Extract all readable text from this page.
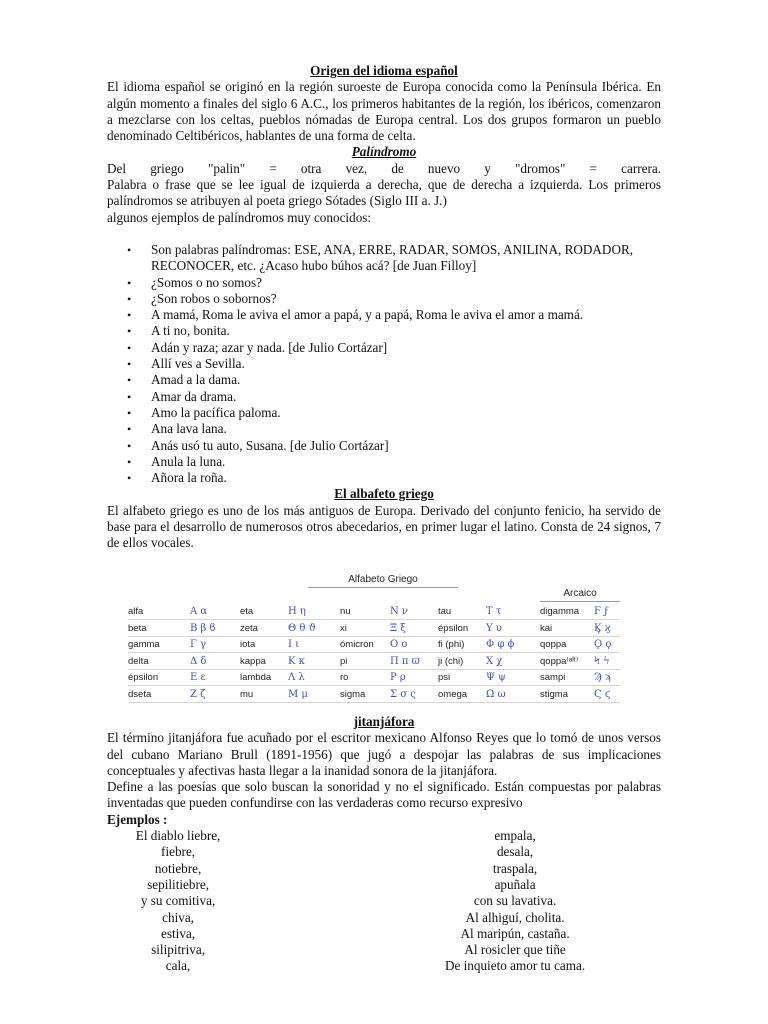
Origen del idioma español

El idioma español se originó en la región suroeste de Europa conocida como la Península Ibérica. En algún momento a finales del siglo 6 A.C., los primeros habitantes de la región, los ibéricos, comenzaron a mezclarse con los celtas, pueblos nómadas de Europa central. Los dos grupos formaron un pueblo denominado Celtibéricos, hablantes de una forma de celta.

Palíndromo

Del griego "palin" = otra vez, de nuevo y "dromos" = carrera.

Palabra o frase que se lee igual de izquierda a derecha, que de derecha a izquierda. Los primeros palíndromos se atribuyen al poeta griego Sótades (Siglo III a. J.)

algunos ejemplos de palíndromos muy conocidos:

• Son palabras palíndromas: ESE, ANA, ERRE, RADAR, SOMOS, ANILINA, RODADOR, RECONOCER, etc. ¿Acaso hubo búhos acá? [de Juan Filloy]
• ¿Somos o no somos?
• ¿Son robos o sobornos?
• A mamá, Roma le aviva el amor a papá, y a papá, Roma le aviva el amor a mamá.
• A ti no, bonita.
• Adán y raza; azar y nada. [de Julio Cortázar]
• Allí ves a Sevilla.
• Amad a la dama.
• Amar da drama.
• Amo la pacífica paloma.
• Ana lava lana.
• Anás usó tu auto, Susana. [de Julio Cortázar]
• Anula la luna.
• Añora la roña.
El albafeto griego

El alfabeto griego es uno de los más antiguos de Europa. Derivado del conjunto fenicio, ha servido de base para el desarrollo de numerosos otros abecedarios, en primer lugar el latino. Consta de 24 signos, 7 de ellos vocales.

Alfabeto Griego
Arcaico
alfa	Α α	eta	Η η	nu	Ν ν	tau	Τ τ	digamma Ϝ ϝ
beta	Β β ϐ	zeta	Θ θ ϑ	xi	Ξ ξ	épsilon Υ υ	kai	Ϗ ϗ
gamma	Γ γ	iota	Ι ι	ómicron Ο ο	fi (phi) Φ φ ϕ	qoppa	Ϙ ϙ
delta	Δ δ	kappa Κ κ	pi	Π π ϖ ji (chi) Χ χ	qoppa⁽ᵃˡᵗ⁾ Ϟ ϟ
épsilon	Ε ε	lambda Λ λ	ro	Ρ ρ	psi	Ψ ψ	sampi	Ϡ ϡ
dseta	Ζ ζ	mu	Μ μ	sigma Σ σ ς omega Ω ω	stigma	Ϛ ϛ
jitanjáfora

El término jitanjáfora fue acuñado por el escritor mexicano Alfonso Reyes que lo tomó de unos versos del cubano Mariano Brull (1891-1956) que jugó a despojar las palabras de sus implicaciones conceptuales y afectivas hasta llegar a la inanidad sonora de la jitanjáfora.

Define a las poesías que solo buscan la sonoridad y no el significado. Están compuestas por palabras inventadas que pueden confundirse con las verdaderas como recurso expresivo

Ejemplos :
El diablo liebre,
fiebre,
notiebre,
sepilitiebre,
y su comitiva,
chiva,
estiva,
silipitriva,
cala,
empala,
desala,
traspala,
apuñala
con su lavativa.
Al alhiguí, cholita.
Al maripún, castaña.
Al rosicler que tiñe
De inquieto amor tu cama.
